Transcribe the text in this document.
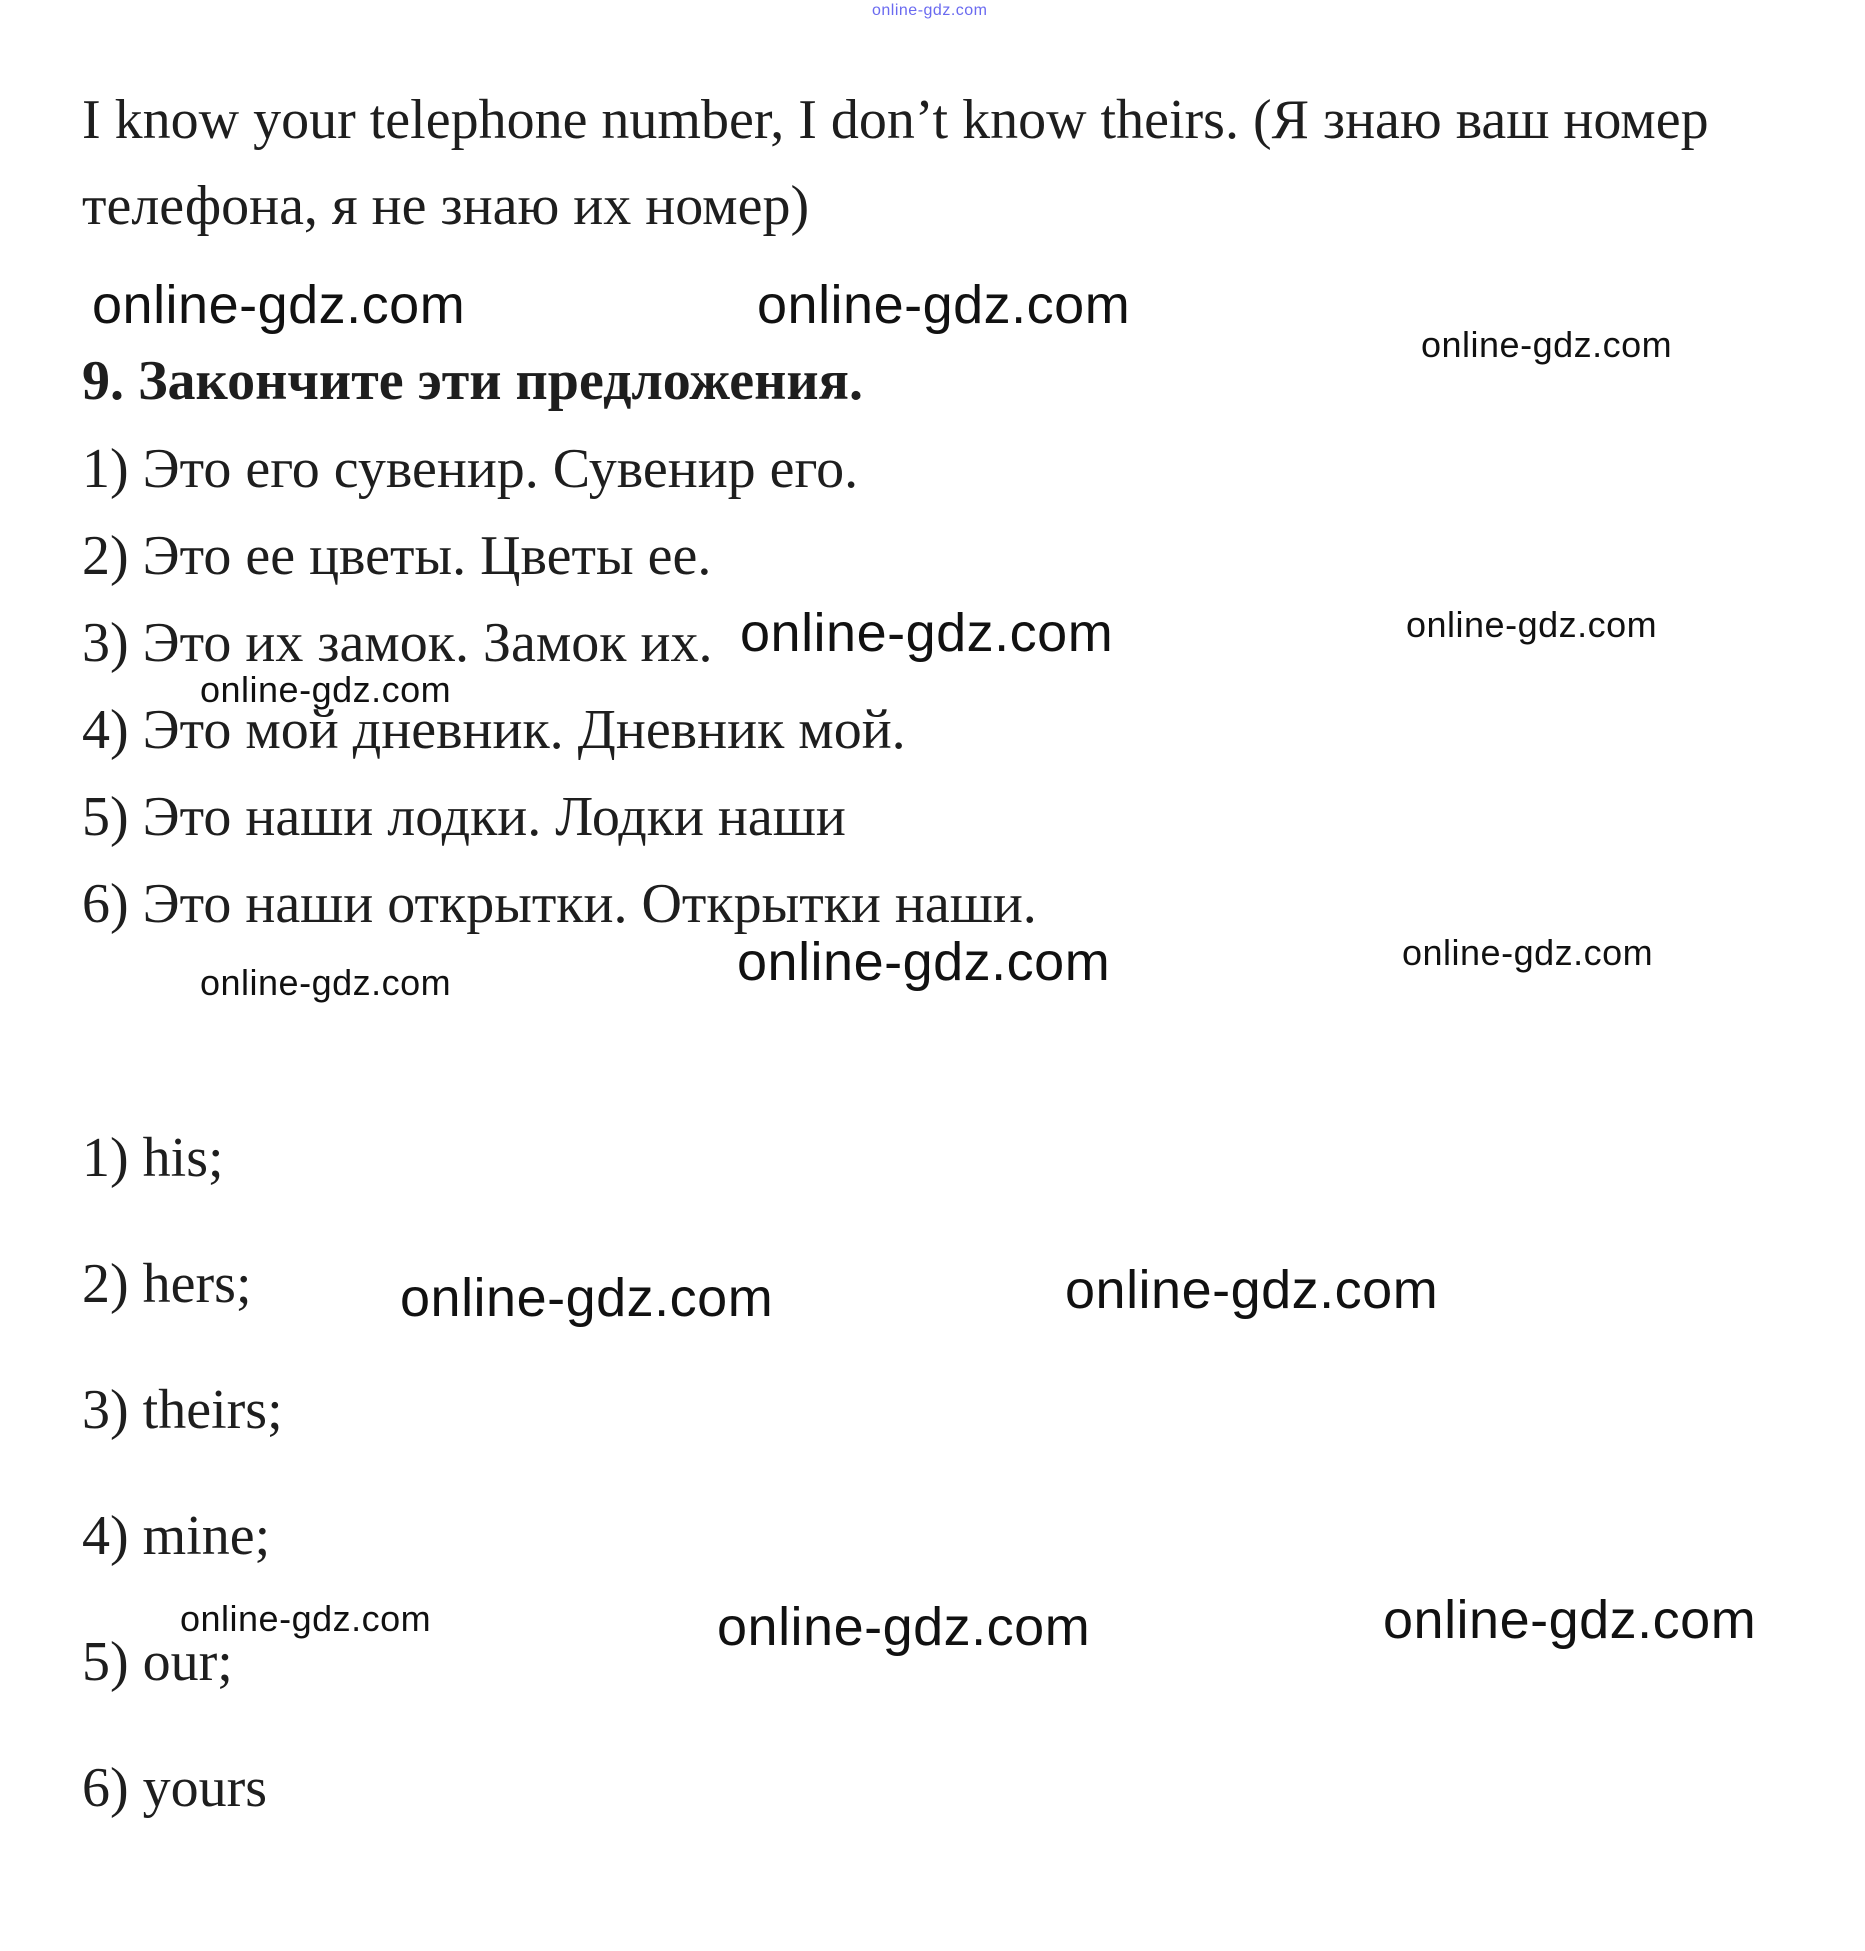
online-gdz.com
I know your telephone number, I don’t know theirs. (Я знаю ваш номер
телефона, я не знаю их номер)
9. Закончите эти предложения.
1) Это его сувенир. Сувенир его.
2) Это ее цветы. Цветы ее.
3) Это их замок. Замок их.
4) Это мой дневник. Дневник мой.
5) Это наши лодки. Лодки наши
6) Это наши открытки. Открытки наши.
1) his;
2) hers;
3) theirs;
4) mine;
5) our;
6) yours
online-gdz.com	online-gdz.com
online-gdz.com
online-gdz.com	online-gdz.com
online-gdz.com
online-gdz.com	online-gdz.com
online-gdz.com
online-gdz.com	online-gdz.com
online-gdz.com	online-gdz.com	online-gdz.com
